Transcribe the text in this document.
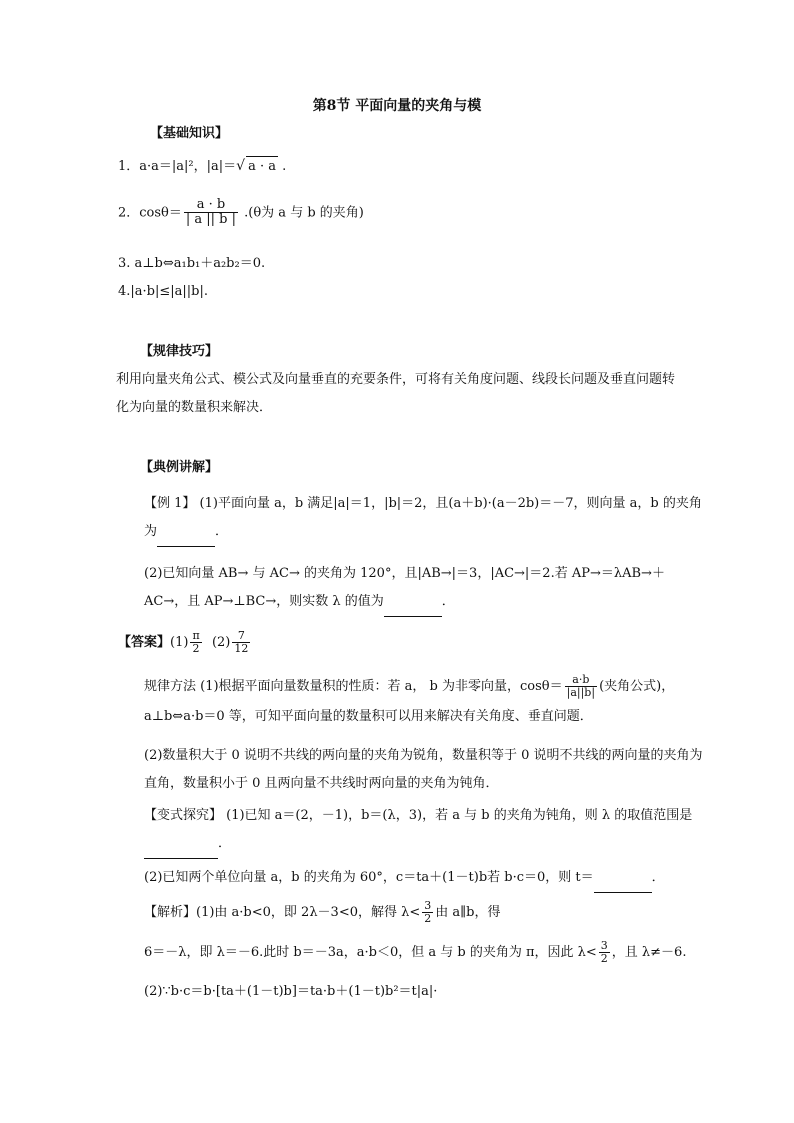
第8节 平面向量的夹角与模
【基础知识】
1．a·a＝|a|²，|a|＝√ a · a .
2．$\cos\theta= \frac{a \cdot b}{| a || b |} .(\theta$为 a 与 b 的夹角)
3. a⊥b⇔a₁b₁＋a₂b₂＝0.
4.|a·b|≤|a||b|.
【规律技巧】
利用向量夹角公式、模公式及向量垂直的充要条件，可将有关角度问题、线段长问题及垂直问题转化为向量的数量积来解决．
【典例讲解】
【例 1】 (1)平面向量 a，b 满足|a|＝1，|b|＝2，且(a＋b)·(a－2b)＝－7，则向量 a，b 的夹角为	．
(2)已知向量 AB→ 与 AC→ 的夹角为 120°，且|AB→|＝3，|AC→|＝2.若 AP→＝λAB→＋AC→，且 AP→⊥BC→，则实数 λ 的值为	．
【答案】$(1) \frac{\pi}{2} (2) \frac{7}{12}$
规律方法 (1)根据平面向量数量积的性质：若 a， b 为非零向量，$\cos\theta= \frac{a\cdot b}{|a||b|}$ (夹角公式)，a⊥b⇔a·b＝0 等，可知平面向量的数量积可以用来解决有关角度、垂直问题．
(2)数量积大于 0 说明不共线的两向量的夹角为锐角，数量积等于 0 说明不共线的两向量的夹角为直角，数量积小于 0 且两向量不共线时两向量的夹角为钝角．
【变式探究】 (1)已知 a＝(2，－1)，b＝(λ，3)，若 a 与 b 的夹角为钝角，则 λ 的取值范围是 ．
(2)已知两个单位向量 a，b 的夹角为 60°，c＝ta＋(1－t)b若 b·c＝0，则 t＝	．
【解析】(1)由 a·b<0，即 2λ－3<0，解得 $\lambda< \frac{3}{2}$ 由 a∥b，得
6＝－λ，即 λ＝－6.此时 b＝－3a，a·b＜0，但 a 与 b 的夹角为 π，因此 $\lambda< \frac{3}{2}$ ，且 λ≠－6.
(2)∵b·c＝b·[ta＋(1－t)b]＝ta·b＋(1－t)b²＝t|a|·
